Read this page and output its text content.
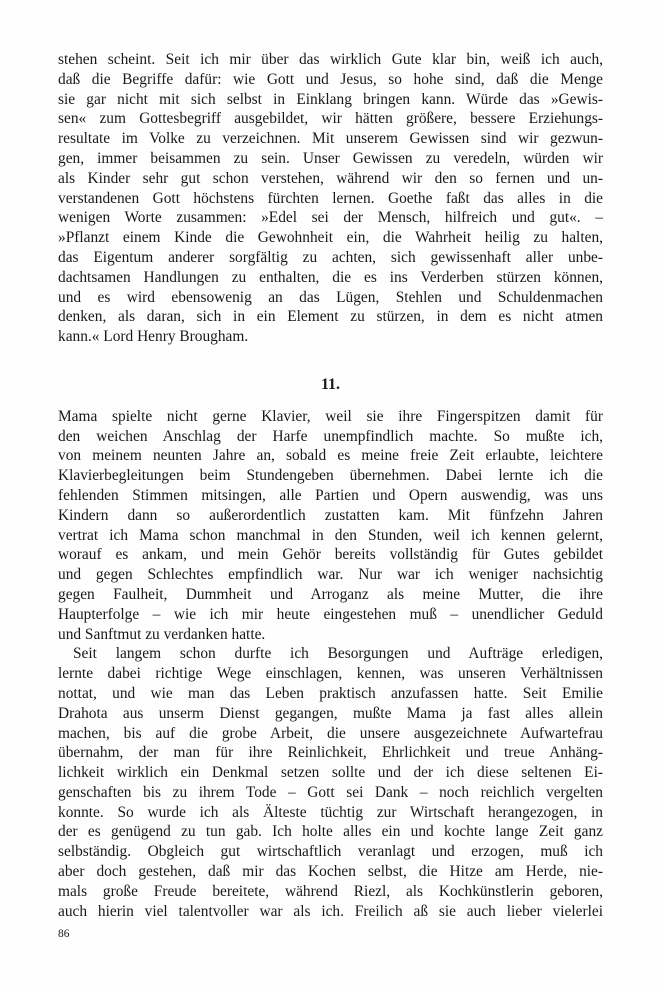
stehen scheint. Seit ich mir über das wirklich Gute klar bin, weiß ich auch,
daß die Begriffe dafür: wie Gott und Jesus, so hohe sind, daß die Menge
sie gar nicht mit sich selbst in Einklang bringen kann. Würde das »Gewis-
sen« zum Gottesbegriff ausgebildet, wir hätten größere, bessere Erziehungs-
resultate im Volke zu verzeichnen. Mit unserem Gewissen sind wir gezwun-
gen, immer beisammen zu sein. Unser Gewissen zu veredeln, würden wir
als Kinder sehr gut schon verstehen, während wir den so fernen und un-
verstandenen Gott höchstens fürchten lernen. Goethe faßt das alles in die
wenigen Worte zusammen: »Edel sei der Mensch, hilfreich und gut«. –
»Pflanzt einem Kinde die Gewohnheit ein, die Wahrheit heilig zu halten,
das Eigentum anderer sorgfältig zu achten, sich gewissenhaft aller unbe-
dachtsamen Handlungen zu enthalten, die es ins Verderben stürzen können,
und es wird ebensowenig an das Lügen, Stehlen und Schuldenmachen
denken, als daran, sich in ein Element zu stürzen, in dem es nicht atmen
kann.« Lord Henry Brougham.
11.
Mama spielte nicht gerne Klavier, weil sie ihre Fingerspitzen damit für
den weichen Anschlag der Harfe unempfindlich machte. So mußte ich,
von meinem neunten Jahre an, sobald es meine freie Zeit erlaubte, leichtere
Klavierbegleitungen beim Stundengeben übernehmen. Dabei lernte ich die
fehlenden Stimmen mitsingen, alle Partien und Opern auswendig, was uns
Kindern dann so außerordentlich zustatten kam. Mit fünfzehn Jahren
vertrat ich Mama schon manchmal in den Stunden, weil ich kennen gelernt,
worauf es ankam, und mein Gehör bereits vollständig für Gutes gebildet
und gegen Schlechtes empfindlich war. Nur war ich weniger nachsichtig
gegen Faulheit, Dummheit und Arroganz als meine Mutter, die ihre
Haupterfolge – wie ich mir heute eingestehen muß – unendlicher Geduld
und Sanftmut zu verdanken hatte.
Seit langem schon durfte ich Besorgungen und Aufträge erledigen,
lernte dabei richtige Wege einschlagen, kennen, was unseren Verhältnissen
nottat, und wie man das Leben praktisch anzufassen hatte. Seit Emilie
Drahota aus unserm Dienst gegangen, mußte Mama ja fast alles allein
machen, bis auf die grobe Arbeit, die unsere ausgezeichnete Aufwartefrau
übernahm, der man für ihre Reinlichkeit, Ehrlichkeit und treue Anhäng-
lichkeit wirklich ein Denkmal setzen sollte und der ich diese seltenen Ei-
genschaften bis zu ihrem Tode – Gott sei Dank – noch reichlich vergelten
konnte. So wurde ich als Älteste tüchtig zur Wirtschaft herangezogen, in
der es genügend zu tun gab. Ich holte alles ein und kochte lange Zeit ganz
selbständig. Obgleich gut wirtschaftlich veranlagt und erzogen, muß ich
aber doch gestehen, daß mir das Kochen selbst, die Hitze am Herde, nie-
mals große Freude bereitete, während Riezl, als Kochkünstlerin geboren,
auch hierin viel talentvoller war als ich. Freilich aß sie auch lieber vielerlei
86
